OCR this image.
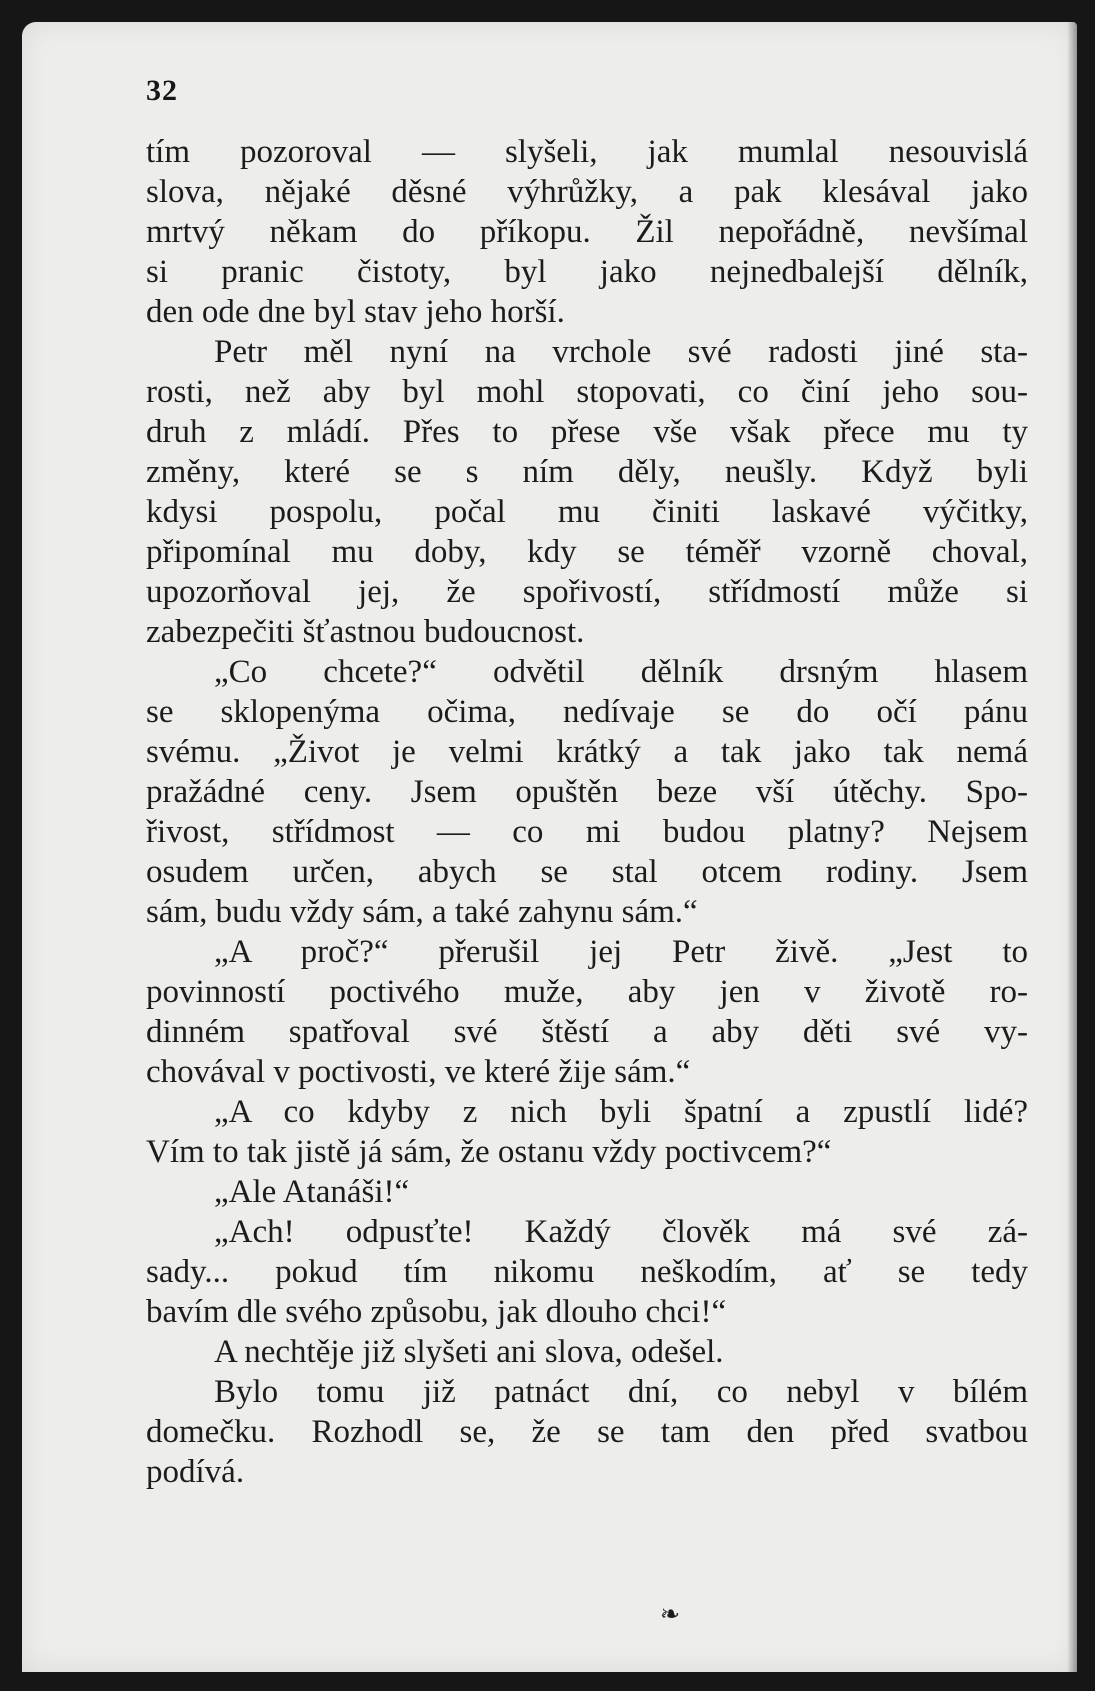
32
tím pozoroval — slyšeli, jak mumlal nesouvislá
slova, nějaké děsné výhrůžky, a pak klesával jako
mrtvý někam do příkopu. Žil nepořádně, nevšímal
si pranic čistoty, byl jako nejnedbalejší dělník,
den ode dne byl stav jeho horší.
Petr měl nyní na vrchole své radosti jiné sta-
rosti, než aby byl mohl stopovati, co činí jeho sou-
druh z mládí. Přes to přese vše však přece mu ty
změny, které se s ním děly, neušly. Když byli
kdysi pospolu, počal mu činiti laskavé výčitky,
připomínal mu doby, kdy se téměř vzorně choval,
upozorňoval jej, že spořivostí, střídmostí může si
zabezpečiti šťastnou budoucnost.
„Co chcete?“ odvětil dělník drsným hlasem
se sklopenýma očima, nedívaje se do očí pánu
svému. „Život je velmi krátký a tak jako tak nemá
pražádné ceny. Jsem opuštěn beze vší útěchy. Spo-
řivost, střídmost — co mi budou platny? Nejsem
osudem určen, abych se stal otcem rodiny. Jsem
sám, budu vždy sám, a také zahynu sám.“
„A proč?“ přerušil jej Petr živě. „Jest to
povinností poctivého muže, aby jen v životě ro-
dinném spatřoval své štěstí a aby děti své vy-
chovával v poctivosti, ve které žije sám.“
„A co kdyby z nich byli špatní a zpustlí lidé?
Vím to tak jistě já sám, že ostanu vždy poctivcem?“
„Ale Atanáši!“
„Ach! odpusťte! Každý člověk má své zá-
sady... pokud tím nikomu neškodím, ať se tedy
bavím dle svého způsobu, jak dlouho chci!“
A nechtěje již slyšeti ani slova, odešel.
Bylo tomu již patnáct dní, co nebyl v bílém
domečku. Rozhodl se, že se tam den před svatbou
podívá.
❧
